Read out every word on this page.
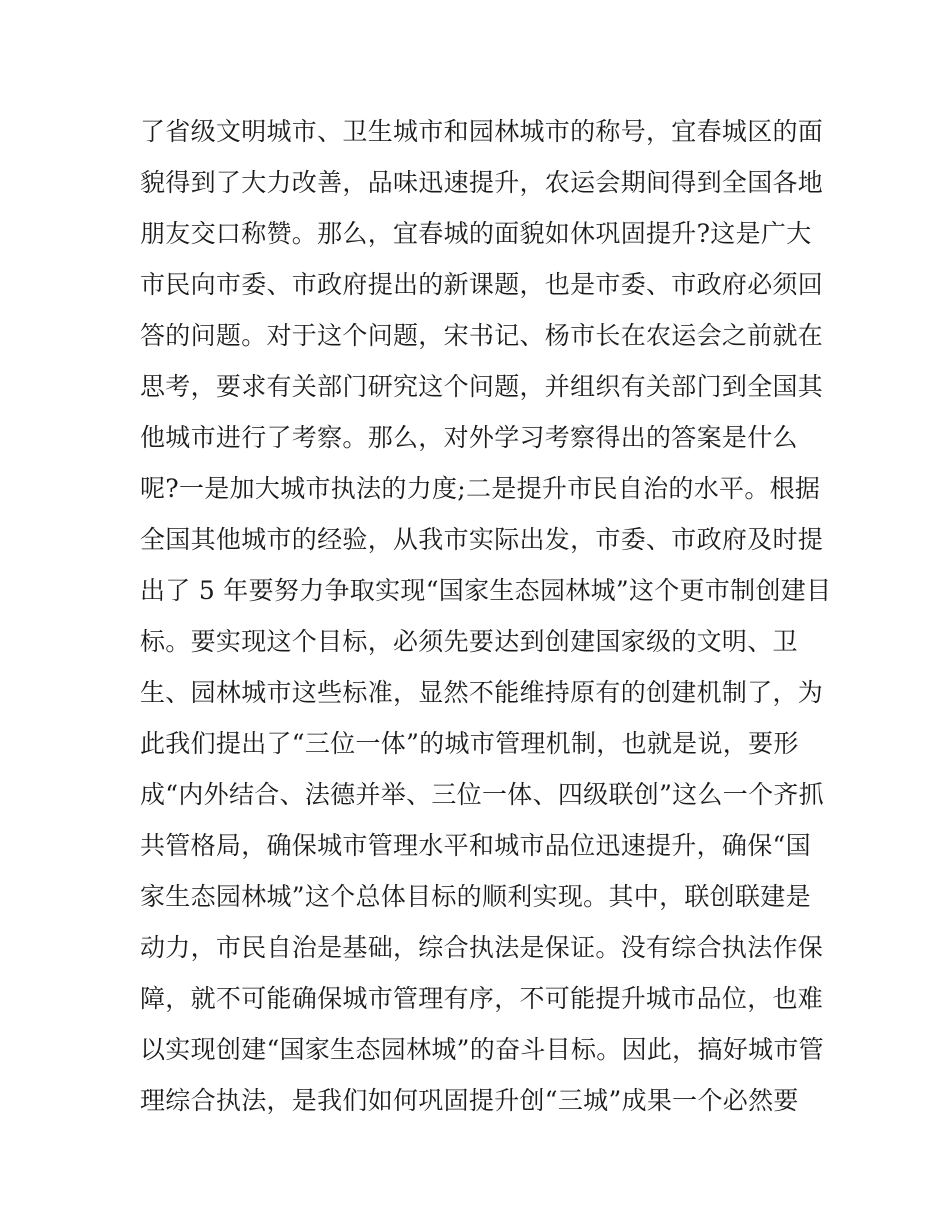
了省级文明城市、卫生城市和园林城市的称号，宜春城区的面
貌得到了大力改善，品味迅速提升，农运会期间得到全国各地
朋友交口称赞。那么，宜春城的面貌如休巩固提升?这是广大
市民向市委、市政府提出的新课题，也是市委、市政府必须回
答的问题。对于这个问题，宋书记、杨市长在农运会之前就在
思考，要求有关部门研究这个问题，并组织有关部门到全国其
他城市进行了考察。那么，对外学习考察得出的答案是什么
呢?一是加大城市执法的力度;二是提升市民自治的水平。根据
全国其他城市的经验，从我市实际出发，市委、市政府及时提
出了 5 年要努力争取实现“国家生态园林城”这个更市制创建目
标。要实现这个目标，必须先要达到创建国家级的文明、卫
生、园林城市这些标准，显然不能维持原有的创建机制了，为
此我们提出了“三位一体”的城市管理机制，也就是说，要形
成“内外结合、法德并举、三位一体、四级联创”这么一个齐抓
共管格局，确保城市管理水平和城市品位迅速提升，确保“国
家生态园林城”这个总体目标的顺利实现。其中，联创联建是
动力，市民自治是基础，综合执法是保证。没有综合执法作保
障，就不可能确保城市管理有序，不可能提升城市品位，也难
以实现创建“国家生态园林城”的奋斗目标。因此，搞好城市管
理综合执法，是我们如何巩固提升创“三城”成果一个必然要
